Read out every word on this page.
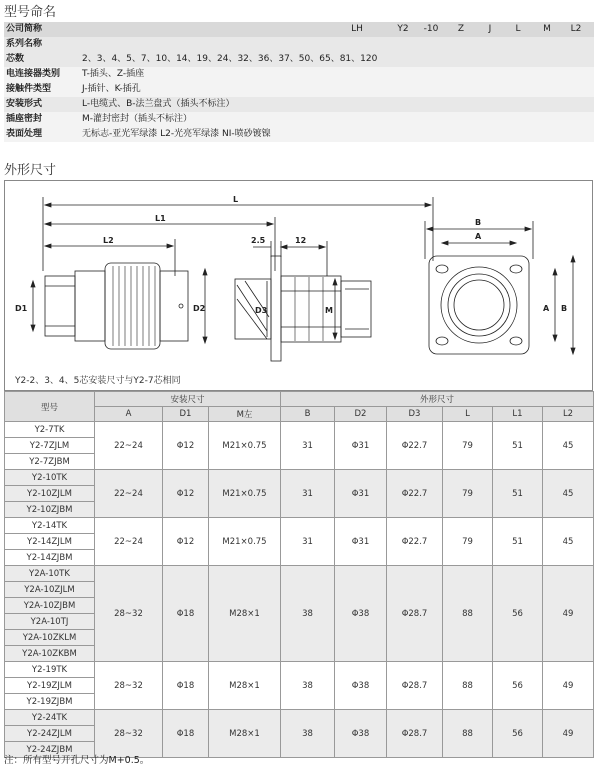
型号命名
公司简称	LH	Y2	-10	Z	J	L	M	L2
系列名称
芯数	2、3、4、5、7、10、14、19、24、32、36、37、50、65、81、120
电连接器类别	T-插头、Z-插座
接触件类型	J-插针、K-插孔
安装形式	L-电缆式、B-法兰盘式（插头不标注）
插座密封	M-灌封密封（插头不标注）
表面处理	无标志-亚光军绿漆 L2-光亮军绿漆 NI-喷砂镀镍
外形尺寸
L
L1
L2
D1	D2	D3	M
2.5	12
B
A
A B
Y2-2、3、4、5芯安装尺寸与Y2-7芯相同
型号	安装尺寸			外形尺寸					
	A	D1	M左	B	D2	D3	L	L1	L2
Y2-7TK	22~24	Φ12	M21×0.75	31	Φ31	Φ22.7	79	51	45
Y2-7ZJLM									
Y2-7ZJBM									
Y2-10TK	22~24	Φ12	M21×0.75	31	Φ31	Φ22.7	79	51	45
Y2-10ZJLM									
Y2-10ZJBM									
Y2-14TK	22~24	Φ12	M21×0.75	31	Φ31	Φ22.7	79	51	45
Y2-14ZJLM									
Y2-14ZJBM									
Y2A-10TK	28~32	Φ18	M28×1	38	Φ38	Φ28.7	88	56	49
Y2A-10ZJLM									
Y2A-10ZJBM									
Y2A-10TJ									
Y2A-10ZKLM									
Y2A-10ZKBM									
Y2-19TK	28~32	Φ18	M28×1	38	Φ38	Φ28.7	88	56	49
Y2-19ZJLM									
Y2-19ZJBM									
Y2-24TK	28~32	Φ18	M28×1	38	Φ38	Φ28.7	88	56	49
Y2-24ZJLM									
Y2-24ZJBM									
注：所有型号开孔尺寸为M+0.5。
